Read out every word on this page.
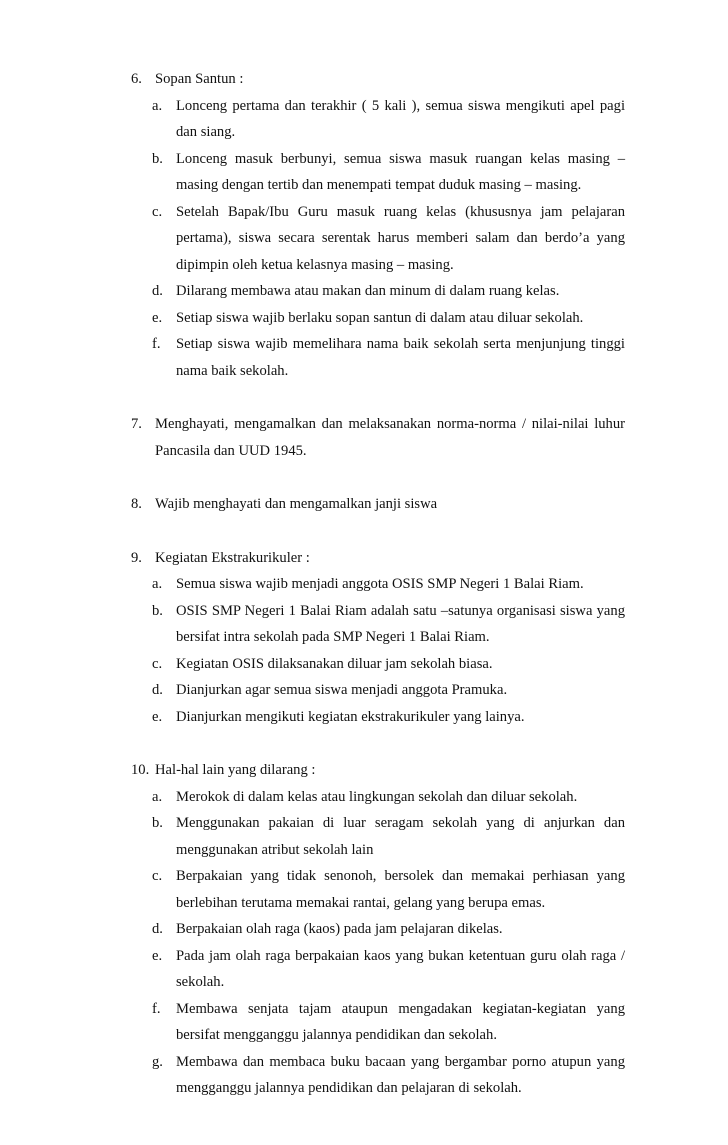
6. Sopan Santun :
a. Lonceng pertama dan terakhir ( 5 kali ), semua siswa mengikuti apel pagi
dan siang.
b. Lonceng masuk berbunyi, semua siswa masuk ruangan kelas masing –
masing dengan tertib dan menempati tempat duduk masing – masing.
c. Setelah Bapak/Ibu Guru masuk ruang kelas (khususnya jam pelajaran
pertama), siswa secara serentak harus memberi salam dan berdo’a yang
dipimpin oleh ketua kelasnya masing – masing.
d. Dilarang membawa atau makan dan minum di dalam ruang kelas.
e. Setiap siswa wajib berlaku sopan santun di dalam atau diluar sekolah.
f. Setiap siswa wajib memelihara nama baik sekolah serta menjunjung tinggi
nama baik sekolah.
7. Menghayati, mengamalkan dan melaksanakan norma-norma / nilai-nilai luhur
Pancasila dan UUD 1945.
8. Wajib menghayati dan mengamalkan janji siswa
9. Kegiatan Ekstrakurikuler :
a. Semua siswa wajib menjadi anggota OSIS SMP Negeri 1 Balai Riam.
b. OSIS SMP Negeri 1 Balai Riam adalah satu –satunya organisasi siswa yang
bersifat intra sekolah pada SMP Negeri 1 Balai Riam.
c. Kegiatan OSIS dilaksanakan diluar jam sekolah biasa.
d. Dianjurkan agar semua siswa menjadi anggota Pramuka.
e. Dianjurkan mengikuti kegiatan ekstrakurikuler yang lainya.
10. Hal-hal lain yang dilarang :
a. Merokok di dalam kelas atau lingkungan sekolah dan diluar sekolah.
b. Menggunakan pakaian di luar seragam sekolah yang di anjurkan dan
menggunakan atribut sekolah lain
c. Berpakaian yang tidak senonoh, bersolek dan memakai perhiasan yang
berlebihan terutama memakai rantai, gelang yang berupa emas.
d. Berpakaian olah raga (kaos) pada jam pelajaran dikelas.
e. Pada jam olah raga berpakaian kaos yang bukan ketentuan guru olah raga /
sekolah.
f. Membawa senjata tajam ataupun mengadakan kegiatan-kegiatan yang
bersifat mengganggu jalannya pendidikan dan sekolah.
g. Membawa dan membaca buku bacaan yang bergambar porno atupun yang
mengganggu jalannya pendidikan dan pelajaran di sekolah.
